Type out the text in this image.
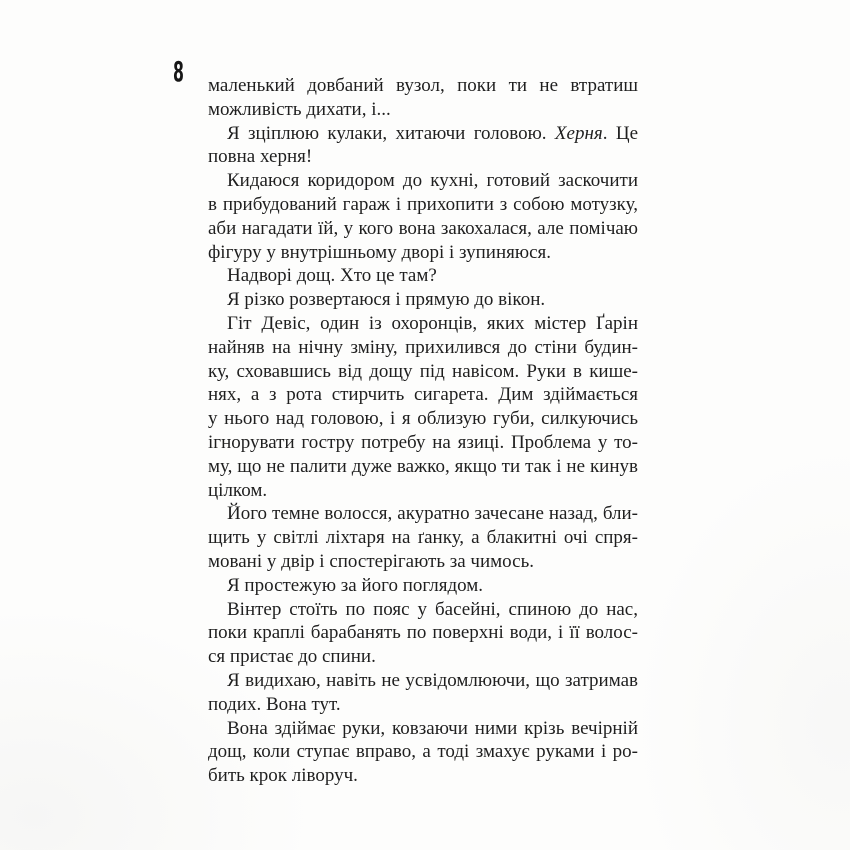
8 маленький довбаний вузол, поки ти не втратиш
можливість дихати, і...
Я зціплюю кулаки, хитаючи головою. Херня. Це
повна херня!
Кидаюся коридором до кухні, готовий заскочити
в прибудований гараж і прихопити з собою мотузку,
аби нагадати їй, у кого вона закохалася, але помічаю
фігуру у внутрішньому дворі і зупиняюся.
Надворі дощ. Хто це там?
Я різко розвертаюся і прямую до вікон.
Гіт Девіс, один із охоронців, яких містер Ґарін
найняв на нічну зміну, прихилився до стіни будин-
ку, сховавшись від дощу під навісом. Руки в кише-
нях, а з рота стирчить сигарета. Дим здіймається
у нього над головою, і я облизую губи, силкуючись
ігнорувати гостру потребу на язиці. Проблема у то-
му, що не палити дуже важко, якщо ти так і не кинув
цілком.
Його темне волосся, акуратно зачесане назад, бли-
щить у світлі ліхтаря на ґанку, а блакитні очі спря-
мовані у двір і спостерігають за чимось.
Я простежую за його поглядом.
Вінтер стоїть по пояс у басейні, спиною до нас,
поки краплі барабанять по поверхні води, і її волос-
ся пристає до спини.
Я видихаю, навіть не усвідомлюючи, що затримав
подих. Вона тут.
Вона здіймає руки, ковзаючи ними крізь вечірній
дощ, коли ступає вправо, а тоді змахує руками і ро-
бить крок ліворуч.
